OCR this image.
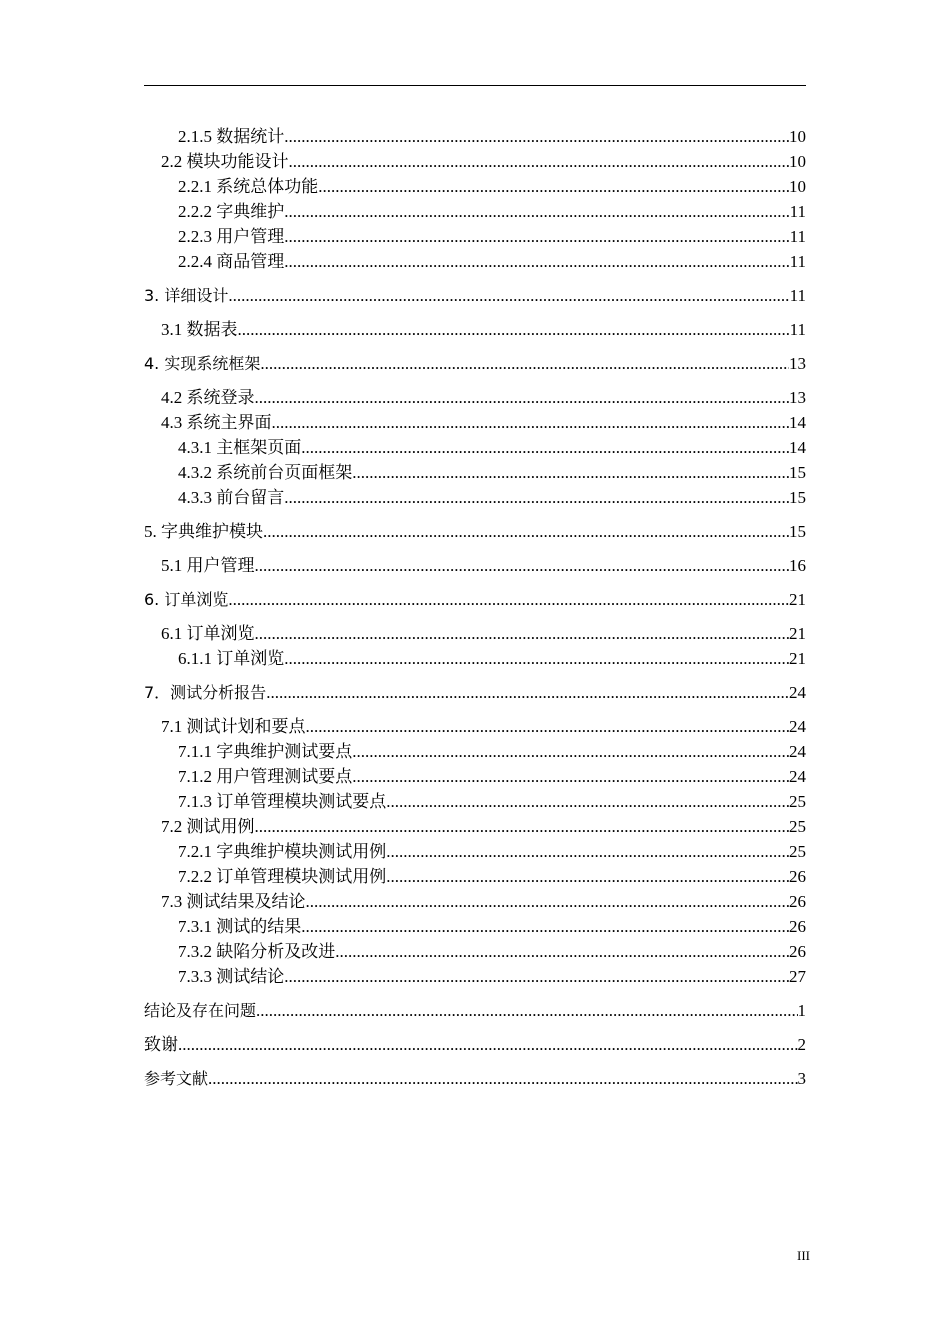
2.1.5 数据统计 .....	10
2.2 模块功能设计 .....	10
2.2.1 系统总体功能 .....	10
2.2.2 字典维护 .....	11
2.2.3 用户管理 .....	11
2.2.4 商品管理 .....	11
3. 详细设计 .....	11
3.1 数据表 .....	11
4. 实现系统框架 .....	13
4.2 系统登录 .....	13
4.3 系统主界面 .....	14
4.3.1 主框架页面 .....	14
4.3.2 系统前台页面框架 .....	15
4.3.3 前台留言 .....	15
5. 字典维护模块 .....	15
5.1 用户管理 .....	16
6. 订单浏览 .....	21
6.1 订单浏览 .....	21
6.1.1 订单浏览 .....	21
7．测试分析报告 .....	24
7.1 测试计划和要点 .....	24
7.1.1 字典维护测试要点 .....	24
7.1.2 用户管理测试要点 .....	24
7.1.3 订单管理模块测试要点 .....	25
7.2 测试用例 .....	25
7.2.1 字典维护模块测试用例 .....	25
7.2.2 订单管理模块测试用例 .....	26
7.3 测试结果及结论 .....	26
7.3.1 测试的结果 .....	26
7.3.2 缺陷分析及改进 .....	26
7.3.3 测试结论 .....	27
结论及存在问题 .....	1
致谢 .....	2
参考文献 .....	3
III
